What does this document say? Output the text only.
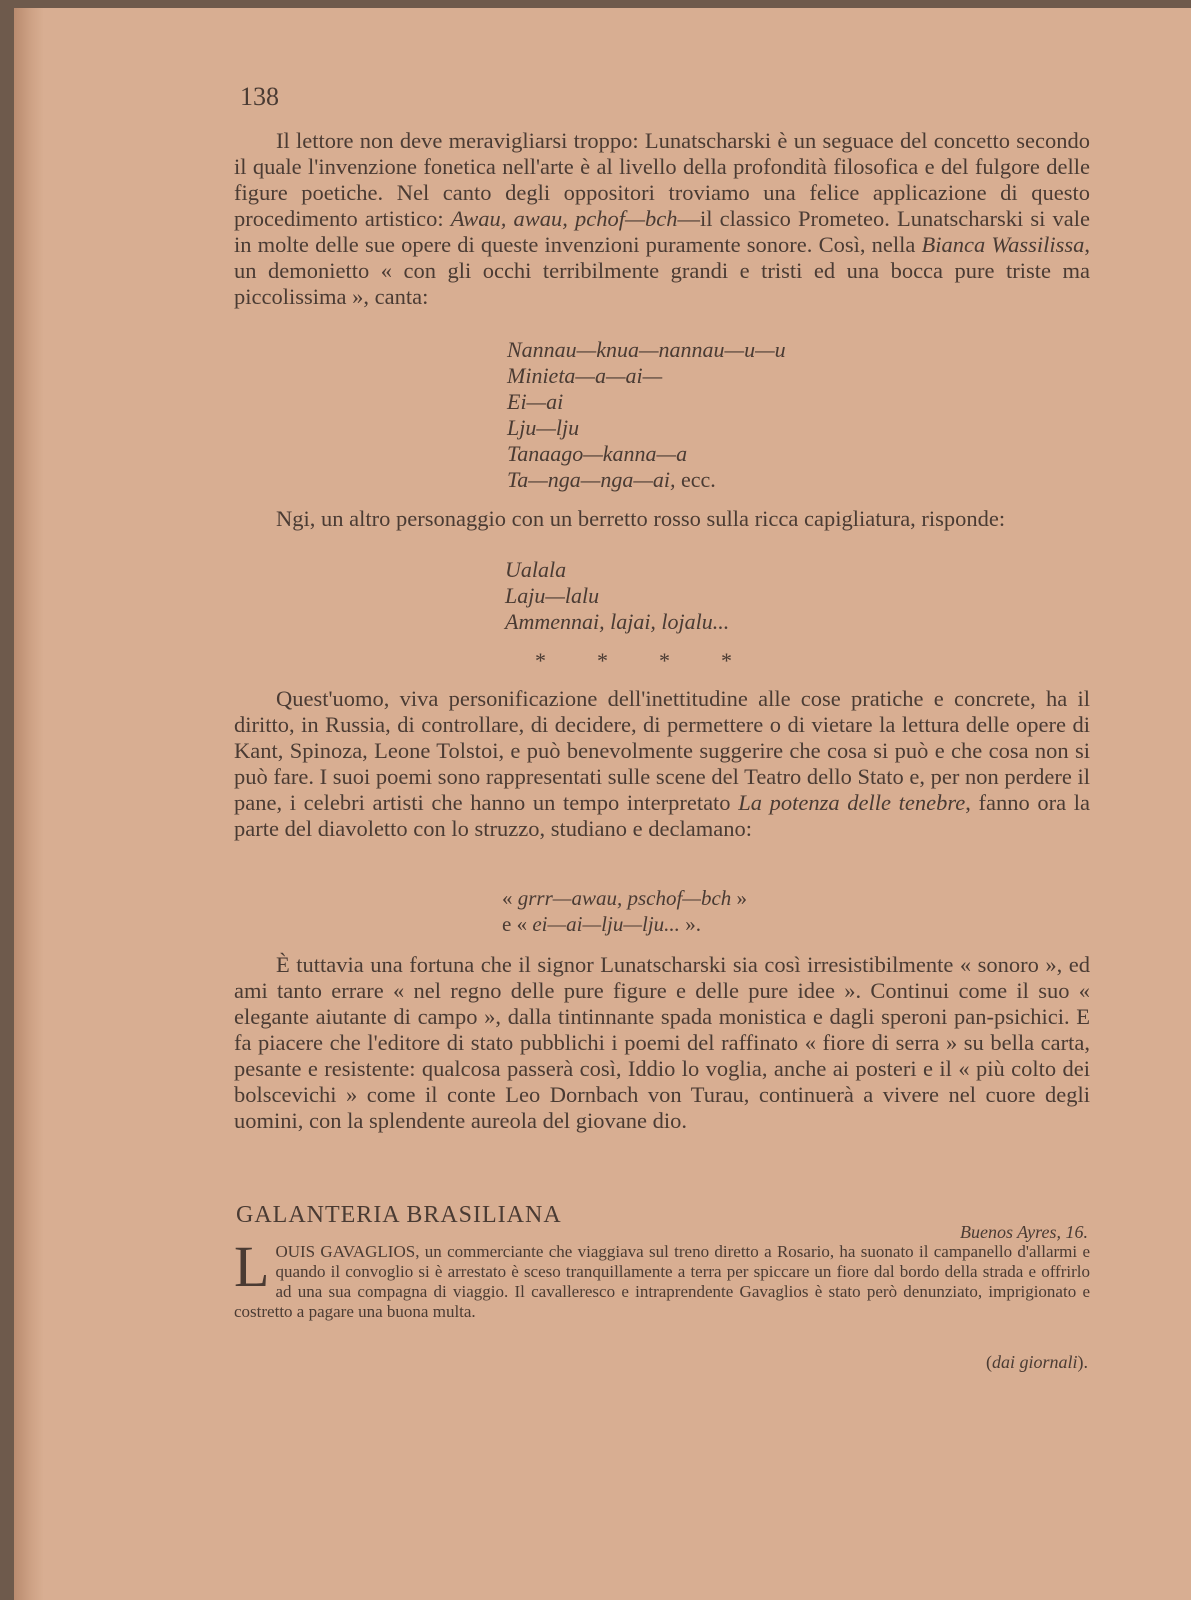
138

Il lettore non deve meravigliarsi troppo: Lunatscharski è un seguace del concetto secondo il quale l'invenzione fonetica nell'arte è al livello della profondità filosofica e del fulgore delle figure poetiche. Nel canto degli oppositori troviamo una felice applicazione di questo procedimento artistico: Awau, awau, pchof—bch—il classico Prometeo. Lunatscharski si vale in molte delle sue opere di queste invenzioni puramente sonore. Così, nella Bianca Wassilissa, un demonietto « con gli occhi terribilmente grandi e tristi ed una bocca pure triste ma piccolissima », canta:

Nannau—knua—nannau—u—u
Minieta—a—ai—
Ei—ai
Lju—lju
Tanaago—kanna—a
Ta—nga—nga—ai, ecc.

Ngi, un altro personaggio con un berretto rosso sulla ricca capigliatura, risponde:

Ualala
Laju—lalu
Ammennai, lajai, lojalu...
* * * *

Quest'uomo, viva personificazione dell'inettitudine alle cose pratiche e concrete, ha il diritto, in Russia, di controllare, di decidere, di permettere o di vietare la lettura delle opere di Kant, Spinoza, Leone Tolstoi, e può benevolmente suggerire che cosa si può e che cosa non si può fare. I suoi poemi sono rappresentati sulle scene del Teatro dello Stato e, per non perdere il pane, i celebri artisti che hanno un tempo interpretato La potenza delle tenebre, fanno ora la parte del diavoletto con lo struzzo, studiano e declamano:

« grrr—awau, pschof—bch »
e « ei—ai—lju—lju... ».

È tuttavia una fortuna che il signor Lunatscharski sia così irresistibilmente « sonoro », ed ami tanto errare « nel regno delle pure figure e delle pure idee ». Continui come il suo « elegante aiutante di campo », dalla tintinnante spada monistica e dagli speroni pan-psichici. E fa piacere che l'editore di stato pubblichi i poemi del raffinato « fiore di serra » su bella carta, pesante e resistente: qualcosa passerà così, Iddio lo voglia, anche ai posteri e il « più colto dei bolscevichi » come il conte Leo Dornbach von Turau, continuerà a vivere nel cuore degli uomini, con la splendente aureola del giovane dio.

GALANTERIA BRASILIANA
Buenos Ayres, 16.
LOUIS GAVAGLIOS, un commerciante che viaggiava sul treno diretto a Rosario, ha suonato il campanello d'allarmi e quando il convoglio si è arrestato è sceso tranquillamente a terra per spiccare un fiore dal bordo della strada e offrirlo ad una sua compagna di viaggio. Il cavalleresco e intraprendente Gavaglios è stato però denunziato, imprigionato e costretto a pagare una buona multa.
(dai giornali).
